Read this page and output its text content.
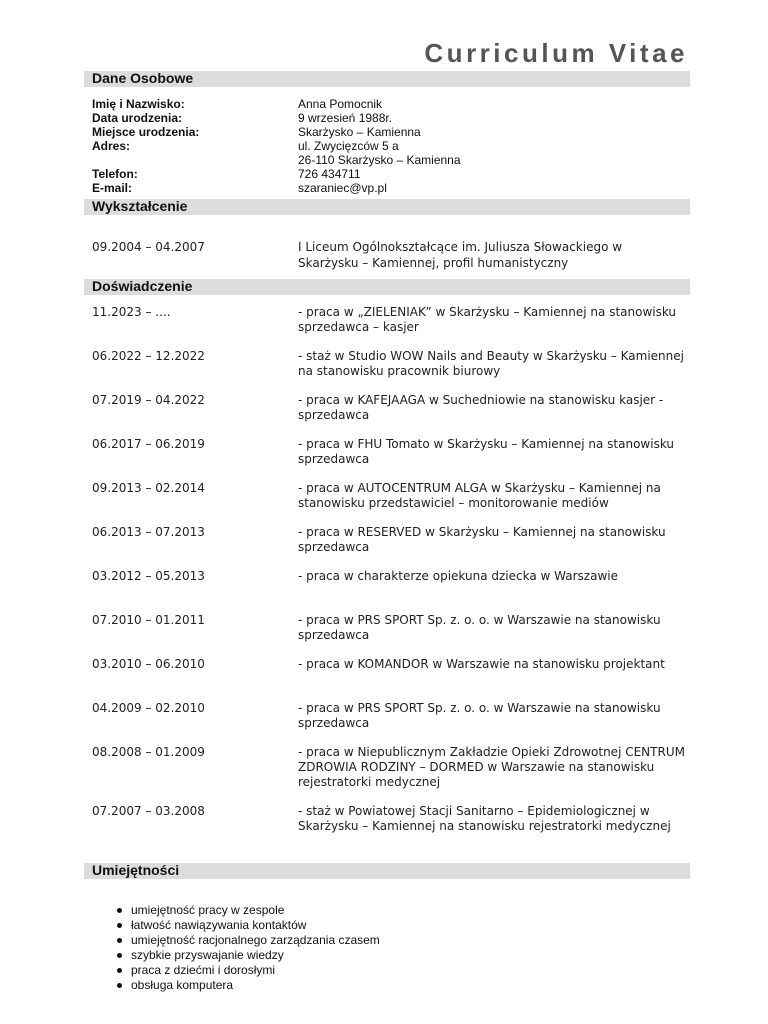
Curriculum Vitae
Dane Osobowe
Imię i Nazwisko:	Anna Pomocnik
Data urodzenia:	9 wrzesień 1988r.
Miejsce urodzenia:	Skarżysko – Kamienna
Adres:	ul. Zwycięzców 5 a
26-110 Skarżysko – Kamienna
Telefon:	726 434711
E-mail:	szaraniec@vp.pl
Wykształcenie
09.2004 – 04.2007	I Liceum Ogólnokształcące im. Juliusza Słowackiego w Skarżysku – Kamiennej, profil humanistyczny
Doświadczenie
11.2023 – ....	- praca w „ZIELENIAK” w Skarżysku – Kamiennej na stanowisku sprzedawca – kasjer
06.2022 – 12.2022	- staż w Studio WOW Nails and Beauty w Skarżysku – Kamiennej na stanowisku pracownik biurowy
07.2019 – 04.2022	- praca w KAFEJAAGA w Suchedniowie na stanowisku kasjer - sprzedawca
06.2017 – 06.2019	- praca w FHU Tomato w Skarżysku – Kamiennej na stanowisku sprzedawca
09.2013 – 02.2014	- praca w AUTOCENTRUM ALGA w Skarżysku – Kamiennej na stanowisku przedstawiciel – monitorowanie mediów
06.2013 – 07.2013	- praca w RESERVED w Skarżysku – Kamiennej na stanowisku sprzedawca
03.2012 – 05.2013	- praca w charakterze opiekuna dziecka w Warszawie
07.2010 – 01.2011	- praca w PRS SPORT Sp. z. o. o. w Warszawie na stanowisku sprzedawca
03.2010 – 06.2010	- praca w KOMANDOR w Warszawie na stanowisku projektant
04.2009 – 02.2010	- praca w PRS SPORT Sp. z. o. o. w Warszawie na stanowisku sprzedawca
08.2008 – 01.2009	- praca w Niepublicznym Zakładzie Opieki Zdrowotnej CENTRUM ZDROWIA RODZINY – DORMED w Warszawie na stanowisku rejestratorki medycznej
07.2007 – 03.2008	- staż w Powiatowej Stacji Sanitarno – Epidemiologicznej w Skarżysku – Kamiennej na stanowisku rejestratorki medycznej
Umiejętności
umiejętność pracy w zespole
łatwość nawiązywania kontaktów
umiejętność racjonalnego zarządzania czasem
szybkie przyswajanie wiedzy
praca z dziećmi i dorosłymi
obsługa komputera
